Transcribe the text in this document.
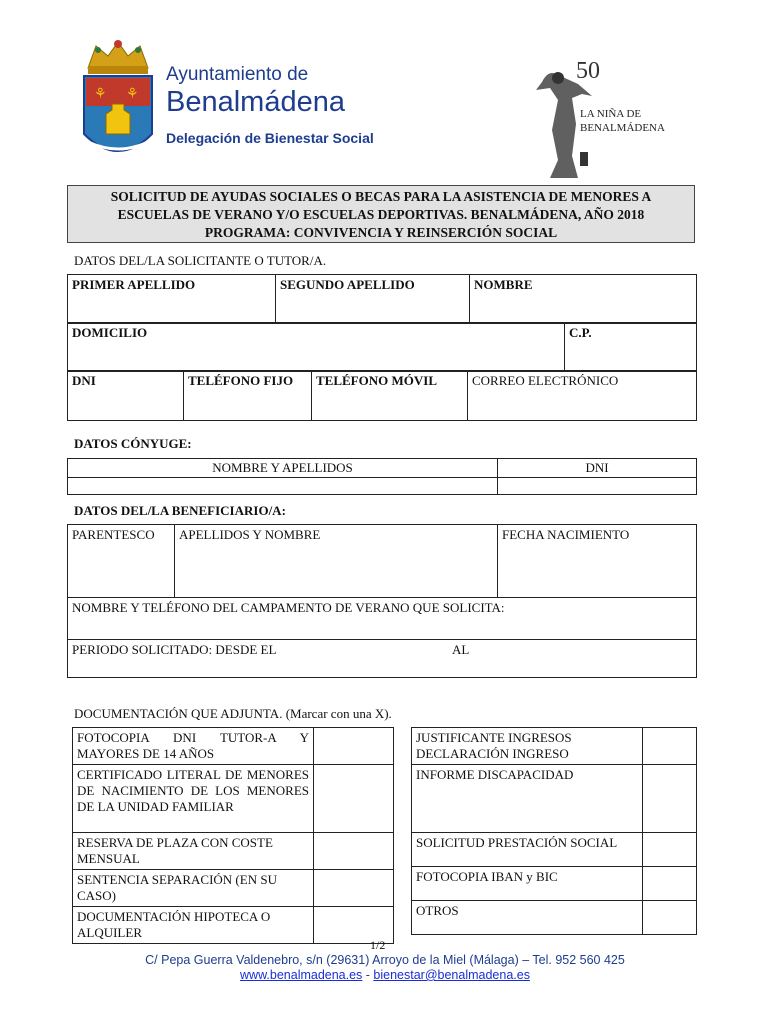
⚘ ⚘
Ayuntamiento de
Benalmádena
Delegación de Bienestar Social
50
LA NIÑA DE
BENALMÁDENA
SOLICITUD DE AYUDAS SOCIALES O BECAS PARA LA ASISTENCIA DE MENORES A
ESCUELAS DE VERANO Y/O ESCUELAS DEPORTIVAS. BENALMÁDENA, AÑO 2018
PROGRAMA: CONVIVENCIA Y REINSERCIÓN SOCIAL
DATOS DEL/LA SOLICITANTE O TUTOR/A.
PRIMER APELLIDO	SEGUNDO APELLIDO	NOMBRE
DOMICILIO	C.P.
DNI	TELÉFONO FIJO	TELÉFONO MÓVIL	CORREO ELECTRÓNICO
DATOS CÓNYUGE:
NOMBRE Y APELLIDOS	DNI

DATOS DEL/LA BENEFICIARIO/A:
PARENTESCO	APELLIDOS Y NOMBRE	FECHA NACIMIENTO
NOMBRE Y TELÉFONO DEL CAMPAMENTO DE VERANO QUE SOLICITA:
PERIODO SOLICITADO: DESDE EL	AL
DOCUMENTACIÓN QUE ADJUNTA. (Marcar con una X).
FOTOCOPIA DNI TUTOR-A Y MAYORES DE 14 AÑOS	
CERTIFICADO LITERAL DE MENORES DE NACIMIENTO DE LOS MENORES DE LA UNIDAD FAMILIAR	
RESERVA DE PLAZA CON COSTE MENSUAL	
SENTENCIA SEPARACIÓN (EN SU CASO)	
DOCUMENTACIÓN HIPOTECA O ALQUILER	
JUSTIFICANTE INGRESOS DECLARACIÓN INGRESO	
INFORME DISCAPACIDAD	
SOLICITUD PRESTACIÓN SOCIAL	
FOTOCOPIA IBAN y BIC	
OTROS	
1/2
C/ Pepa Guerra Valdenebro, s/n (29631) Arroyo de la Miel (Málaga) – Tel. 952 560 425
www.benalmadena.es - bienestar@benalmadena.es
